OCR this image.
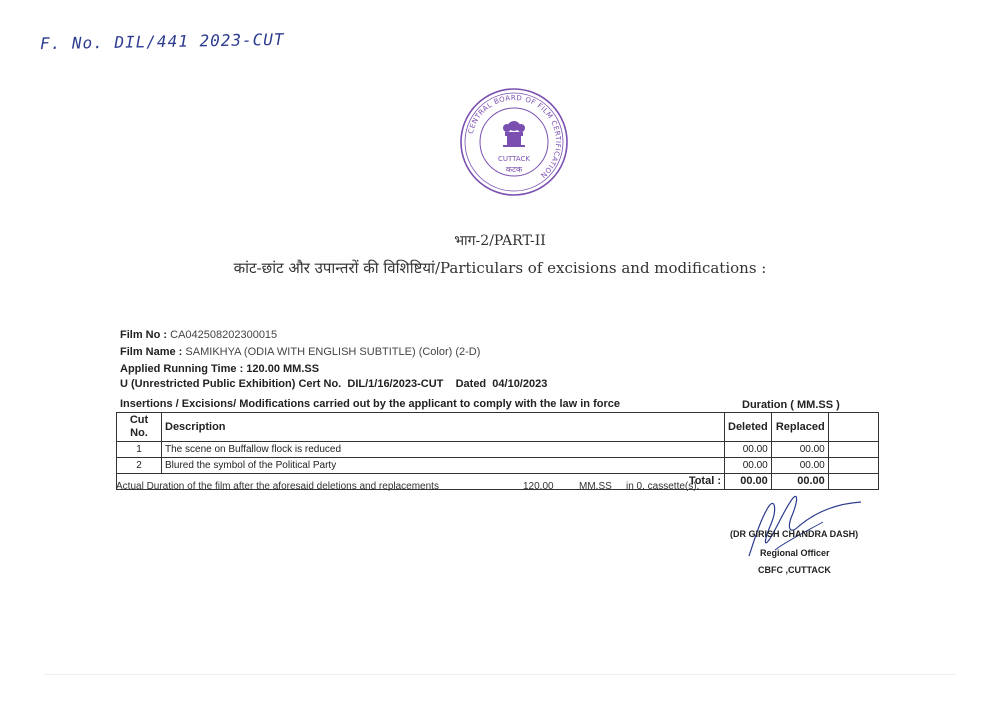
F. No. DIL/441 2023-CUT
CENTRAL BOARD OF FILM CERTIFICATION
CUTTACK
कटक
भाग-2/PART-II
कांट-छांट और उपान्तरों की विशिष्टियां/Particulars of excisions and modifications :
Film No : CA042508202300015
Film Name : SAMIKHYA (ODIA WITH ENGLISH SUBTITLE) (Color) (2-D)
Applied Running Time : 120.00 MM.SS
U (Unrestricted Public Exhibition) Cert No. DIL/1/16/2023-CUT Dated 04/10/2023
Insertions / Excisions/ Modifications carried out by the applicant to comply with the law in force	Duration ( MM.SS )
Cut No.	Description	Deleted	Replaced	
1	The scene on Buffallow flock is reduced	00.00	00.00	
2	Blured the symbol of the Political Party	00.00	00.00	
Total :		00.00	00.00	
Actual Duration of the film after the aforesaid deletions and replacements	120.00	MM.SS in 0. cassette(s).
(DR GIRISH CHANDRA DASH)
Regional Officer
CBFC ,CUTTACK
